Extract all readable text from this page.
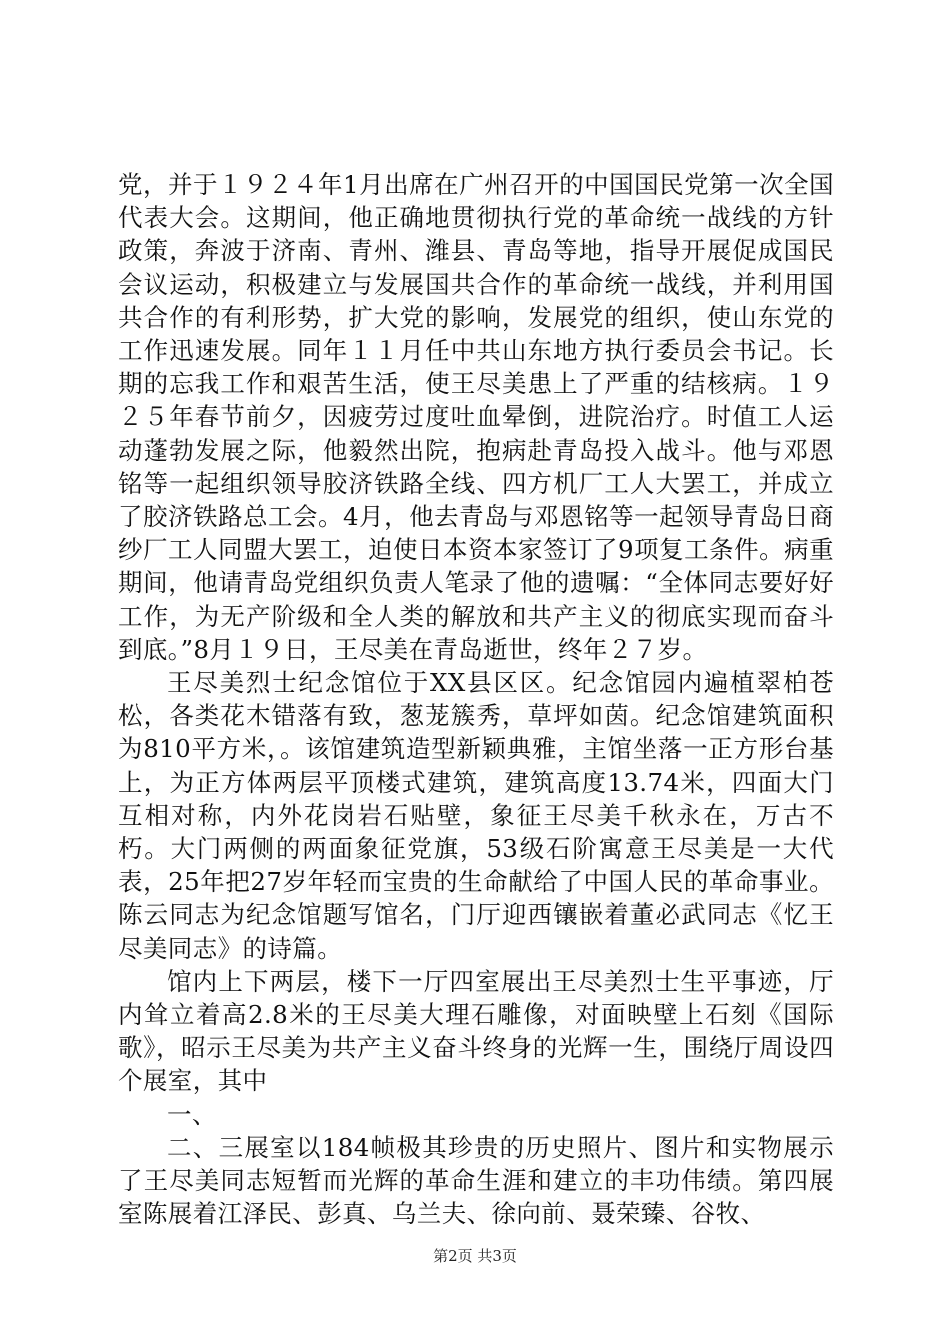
党，并于１９２４年1月出席在广州召开的中国国民党第一次全国代表大会。这期间，他正确地贯彻执行党的革命统一战线的方针政策，奔波于济南、青州、潍县、青岛等地，指导开展促成国民会议运动，积极建立与发展国共合作的革命统一战线，并利用国共合作的有利形势，扩大党的影响，发展党的组织，使山东党的工作迅速发展。同年１１月任中共山东地方执行委员会书记。长期的忘我工作和艰苦生活，使王尽美患上了严重的结核病。１９２５年春节前夕，因疲劳过度吐血晕倒，进院治疗。时值工人运动蓬勃发展之际，他毅然出院，抱病赴青岛投入战斗。他与邓恩铭等一起组织领导胶济铁路全线、四方机厂工人大罢工，并成立了胶济铁路总工会。4月，他去青岛与邓恩铭等一起领导青岛日商纱厂工人同盟大罢工，迫使日本资本家签订了9项复工条件。病重期间，他请青岛党组织负责人笔录了他的遗嘱：“全体同志要好好工作，为无产阶级和全人类的解放和共产主义的彻底实现而奋斗到底。”8月１９日，王尽美在青岛逝世，终年２７岁。

王尽美烈士纪念馆位于XX县区区。纪念馆园内遍植翠柏苍松，各类花木错落有致，葱茏簇秀，草坪如茵。纪念馆建筑面积为810平方米，。该馆建筑造型新颖典雅，主馆坐落一正方形台基上，为正方体两层平顶楼式建筑，建筑高度13.74米，四面大门互相对称，内外花岗岩石贴壁，象征王尽美千秋永在，万古不朽。大门两侧的两面象征党旗，53级石阶寓意王尽美是一大代表，25年把27岁年轻而宝贵的生命献给了中国人民的革命事业。陈云同志为纪念馆题写馆名，门厅迎西镶嵌着董必武同志《忆王尽美同志》的诗篇。

馆内上下两层，楼下一厅四室展出王尽美烈士生平事迹，厅内耸立着高2.8米的王尽美大理石雕像，对面映壁上石刻《国际歌》，昭示王尽美为共产主义奋斗终身的光辉一生，围绕厅周设四个展室，其中

一、

二、三展室以184帧极其珍贵的历史照片、图片和实物展示了王尽美同志短暂而光辉的革命生涯和建立的丰功伟绩。第四展室陈展着江泽民、彭真、乌兰夫、徐向前、聂荣臻、谷牧、

第2页 共3页
